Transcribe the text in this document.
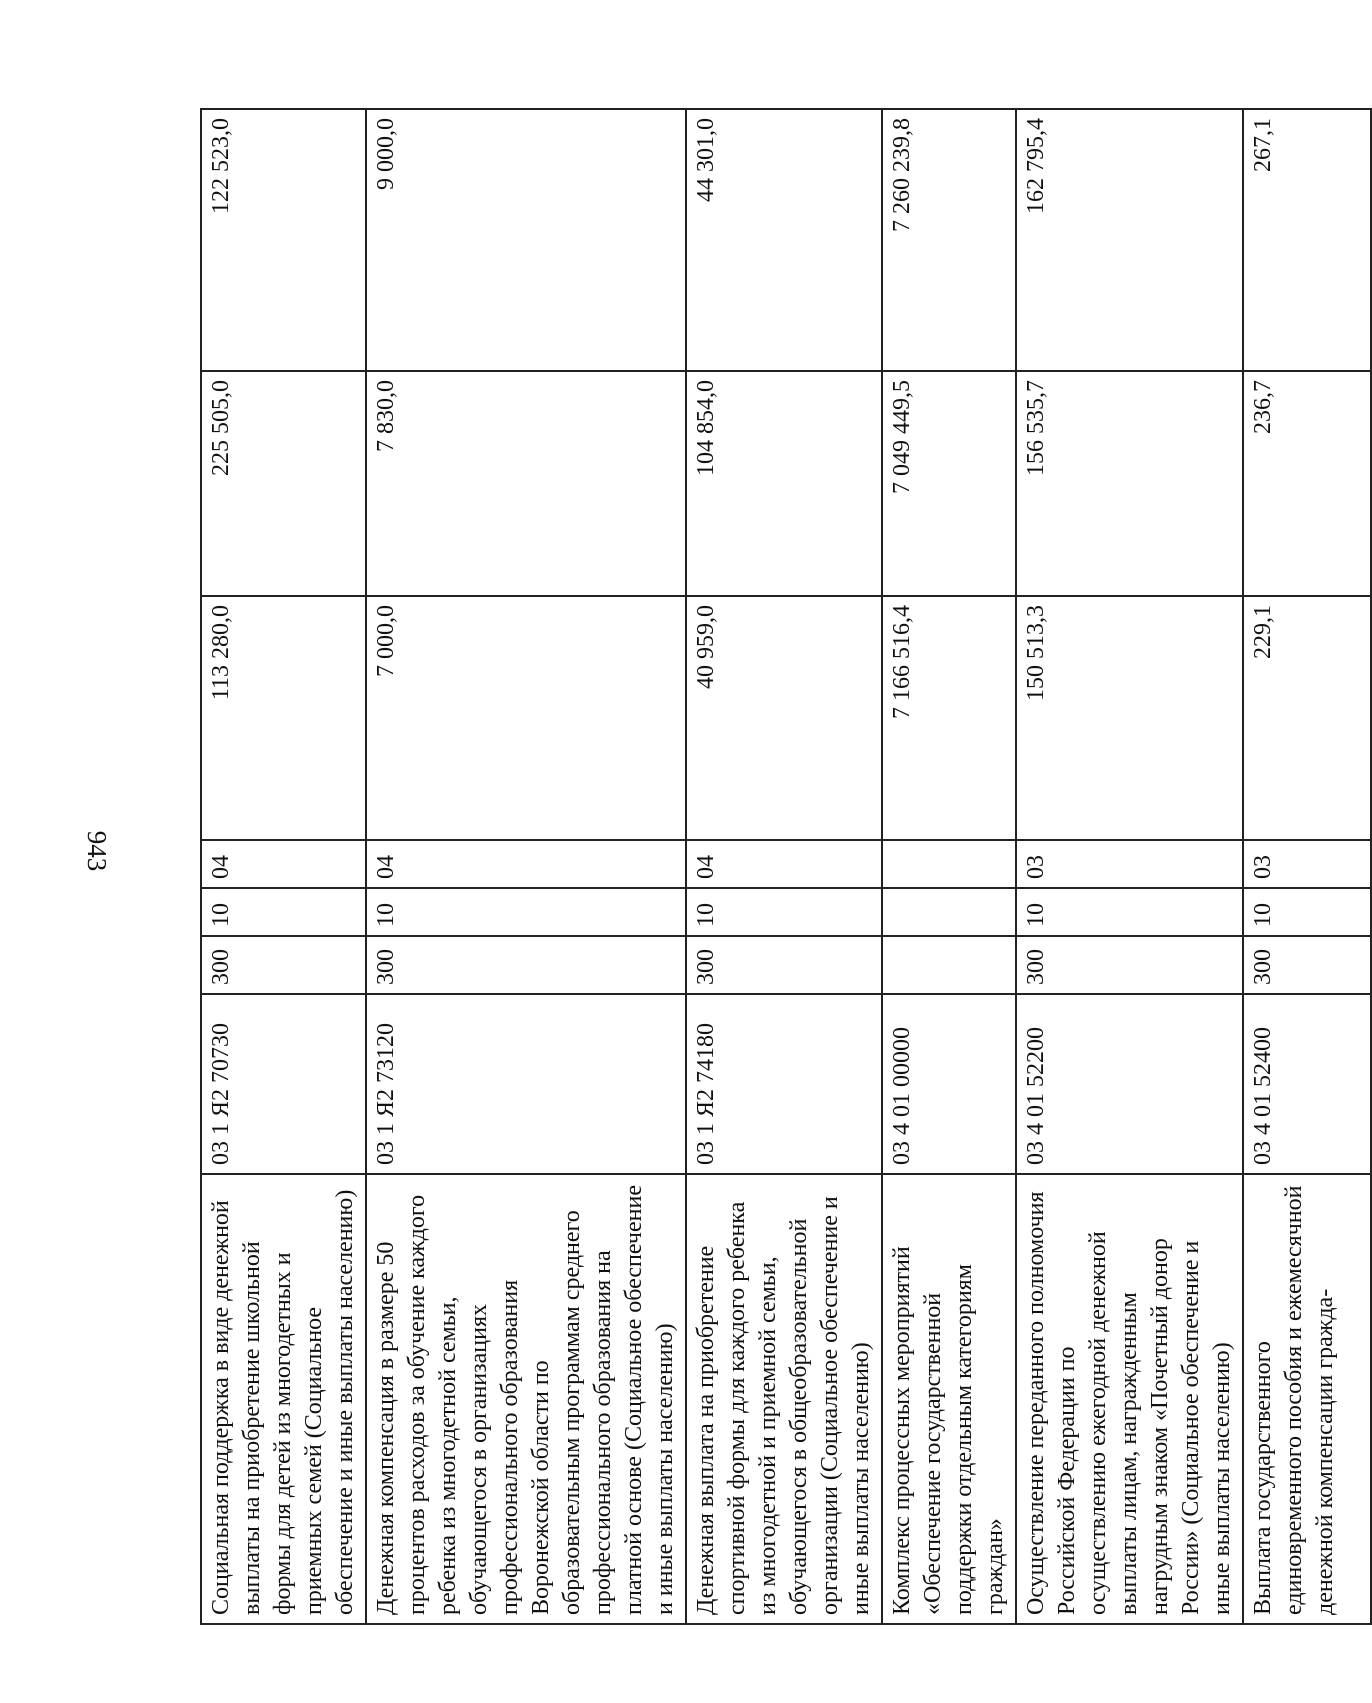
943
Социальная поддержка в виде денежной выплаты на приобретение школьной формы для детей из многодетных и приемных семей (Социальное обеспечение и иные выплаты населению)	03 1 Я2 70730	300	10	04	113 280,0	225 505,0	122 523,0
Денежная компенсация в размере 50 процентов расходов за обучение каждого ребенка из многодетной семьи, обучающегося в организациях профессионального образования Воронежской области по образовательным программам среднего профессионального образования на платной основе (Социальное обеспечение и иные выплаты населению)	03 1 Я2 73120	300	10	04	7 000,0	7 830,0	9 000,0
Денежная выплата на приобретение спортивной формы для каждого ребенка из многодетной и приемной семьи, обучающегося в общеобразовательной организации (Социальное обеспечение и иные выплаты населению)	03 1 Я2 74180	300	10	04	40 959,0	104 854,0	44 301,0
Комплекс процессных мероприятий «Обеспечение государственной поддержки отдельным категориям граждан»	03 4 01 00000				7 166 516,4	7 049 449,5	7 260 239,8
Осуществление переданного полномочия Российской Федерации по осуществлению ежегодной денежной выплаты лицам, награжденным нагрудным знаком «Почетный донор России» (Социальное обеспечение и иные выплаты населению)	03 4 01 52200	300	10	03	150 513,3	156 535,7	162 795,4
Выплата государственного единовременного пособия и ежемесячной денежной компенсации гражда-	03 4 01 52400	300	10	03	229,1	236,7	267,1
